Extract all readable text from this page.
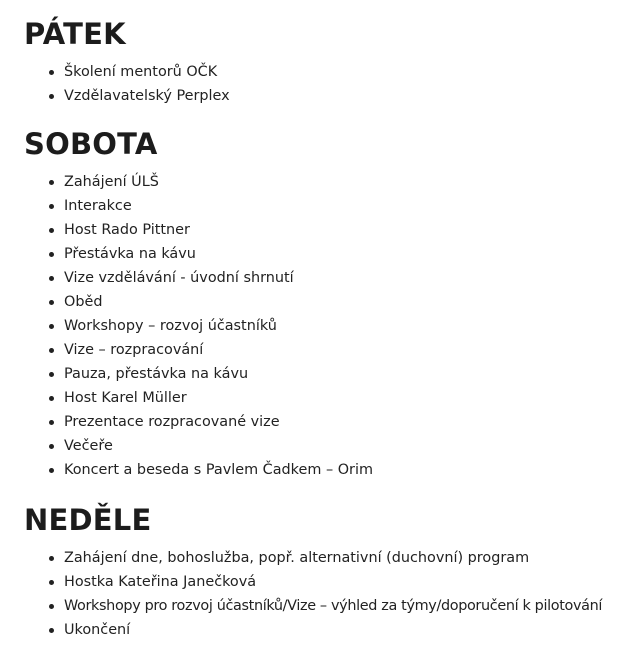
PÁTEK
Školení mentorů OČK
Vzdělavatelský Perplex
SOBOTA
Zahájení ÚLŠ
Interakce
Host Rado Pittner
Přestávka na kávu
Vize vzdělávání - úvodní shrnutí
Oběd
Workshopy – rozvoj účastníků
Vize – rozpracování
Pauza, přestávka na kávu
Host Karel Müller
Prezentace rozpracované vize
Večeře
Koncert a beseda s Pavlem Čadkem – Orim
NEDĚLE
Zahájení dne, bohoslužba, popř. alternativní (duchovní) program
Hostka Kateřina Janečková
Workshopy pro rozvoj účastníků/Vize – výhled za týmy/doporučení k pilotování
Ukončení
